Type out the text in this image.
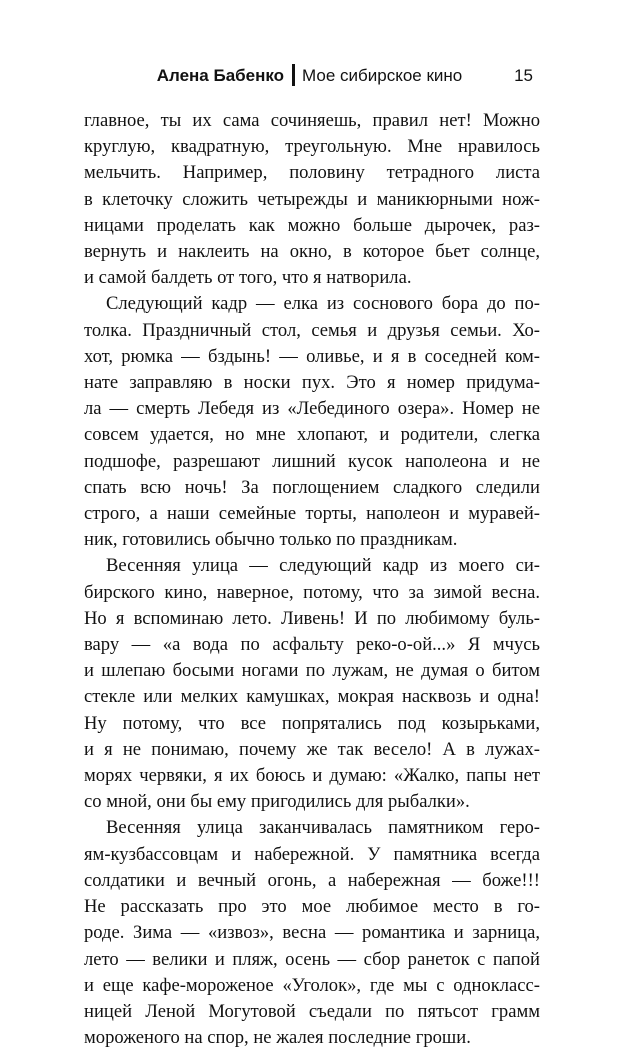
Алена Бабенко Мое сибирское кино	15
главное, ты их сама сочиняешь, правил нет! Можно
круглую, квадратную, треугольную. Мне нравилось
мельчить. Например, половину тетрадного листа
в клеточку сложить четырежды и маникюрными нож-
ницами проделать как можно больше дырочек, раз-
вернуть и наклеить на окно, в которое бьет солнце,
и самой балдеть от того, что я натворила.
Следующий кадр — елка из соснового бора до по-
толка. Праздничный стол, семья и друзья семьи. Хо-
хот, рюмка — бздынь! — оливье, и я в соседней ком-
нате заправляю в носки пух. Это я номер придума-
ла — смерть Лебедя из «Лебединого озера». Номер не
совсем удается, но мне хлопают, и родители, слегка
подшофе, разрешают лишний кусок наполеона и не
спать всю ночь! За поглощением сладкого следили
строго, а наши семейные торты, наполеон и муравей-
ник, готовились обычно только по праздникам.
Весенняя улица — следующий кадр из моего си-
бирского кино, наверное, потому, что за зимой весна.
Но я вспоминаю лето. Ливень! И по любимому буль-
вару — «а вода по асфальту реко-о-ой...» Я мчусь
и шлепаю босыми ногами по лужам, не думая о битом
стекле или мелких камушках, мокрая насквозь и одна!
Ну потому, что все попрятались под козырьками,
и я не понимаю, почему же так весело! А в лужах-
морях червяки, я их боюсь и думаю: «Жалко, папы нет
со мной, они бы ему пригодились для рыбалки».
Весенняя улица заканчивалась памятником геро-
ям-кузбассовцам и набережной. У памятника всегда
солдатики и вечный огонь, а набережная — боже!!!
Не рассказать про это мое любимое место в го-
роде. Зима — «извоз», весна — романтика и зарница,
лето — велики и пляж, осень — сбор ранеток с папой
и еще кафе-мороженое «Уголок», где мы с однокласс-
ницей Леной Могутовой съедали по пятьсот грамм
мороженого на спор, не жалея последние гроши.
